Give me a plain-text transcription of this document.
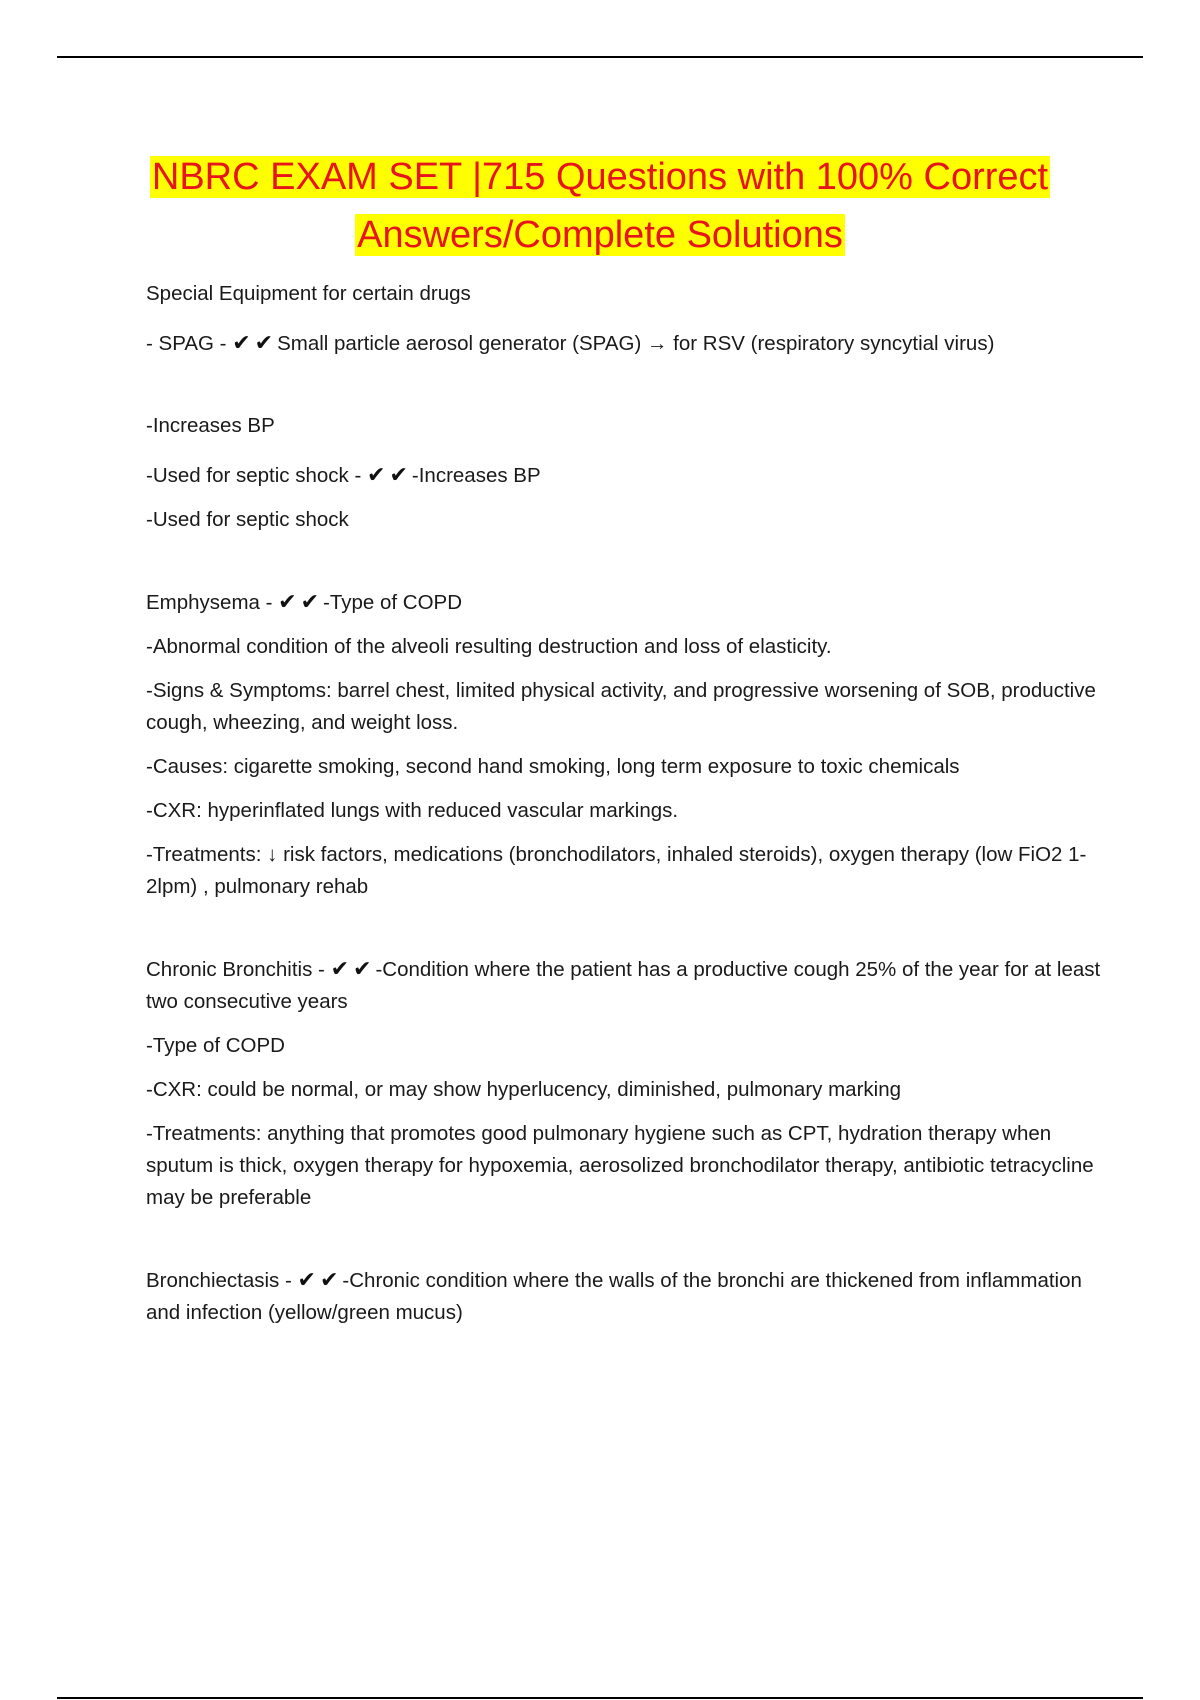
NBRC EXAM SET |715 Questions with 100% Correct
Answers/Complete Solutions

Special Equipment for certain drugs

- SPAG - ✔✔Small particle aerosol generator (SPAG) → for RSV (respiratory syncytial virus)

-Increases BP

-Used for septic shock - ✔✔-Increases BP

-Used for septic shock

Emphysema - ✔✔-Type of COPD

-Abnormal condition of the alveoli resulting destruction and loss of elasticity.

-Signs & Symptoms: barrel chest, limited physical activity, and progressive worsening of SOB, productive cough, wheezing, and weight loss.

-Causes: cigarette smoking, second hand smoking, long term exposure to toxic chemicals

-CXR: hyperinflated lungs with reduced vascular markings.

-Treatments: ↓ risk factors, medications (bronchodilators, inhaled steroids), oxygen therapy (low FiO2 1-2lpm) , pulmonary rehab

Chronic Bronchitis - ✔✔-Condition where the patient has a productive cough 25% of the year for at least two consecutive years

-Type of COPD

-CXR: could be normal, or may show hyperlucency, diminished, pulmonary marking

-Treatments: anything that promotes good pulmonary hygiene such as CPT, hydration therapy when sputum is thick, oxygen therapy for hypoxemia, aerosolized bronchodilator therapy, antibiotic tetracycline may be preferable

Bronchiectasis - ✔✔-Chronic condition where the walls of the bronchi are thickened from inflammation and infection (yellow/green mucus)
